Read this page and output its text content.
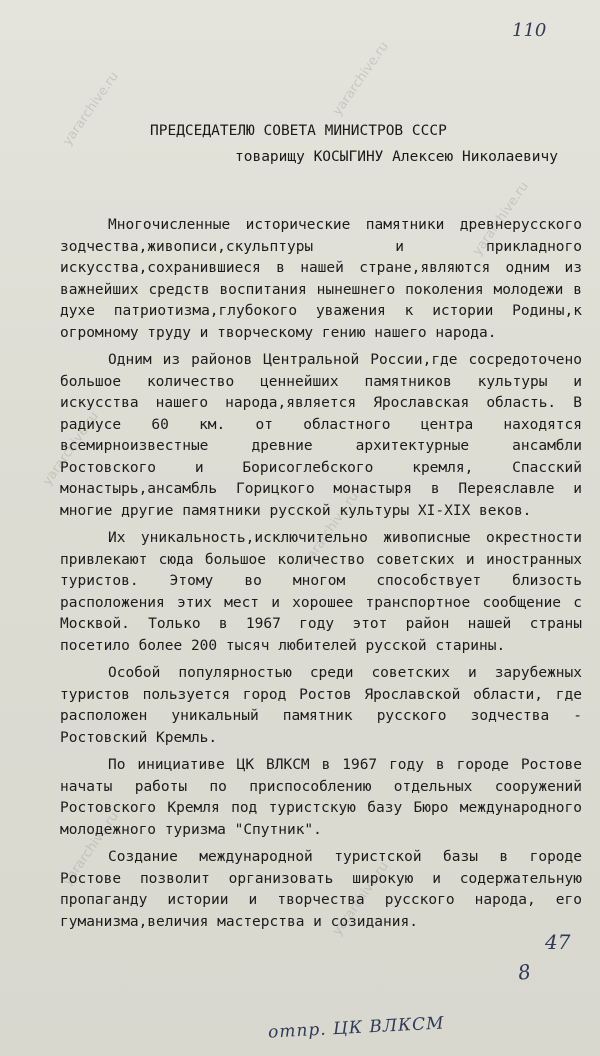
yararchive.ru	yararchive.ru
yararchive.ru
yararchive.ru
yararchive.ru
yararchive.ru
yararchive.ru
110
ПРЕДСЕДАТЕЛЮ СОВЕТА МИНИСТРОВ СССР
товарищу КОСЫГИНУ Алексею Николаевичу

Многочисленные исторические памятники древнерусского зодчества,живописи,скульптуры и прикладного искусства,сохранившиеся в нашей стране,являются одним из важнейших средств воспитания нынешнего поколения молодежи в духе патриотизма,глубокого уважения к истории Родины,к огромному труду и творческому гению нашего народа.

Одним из районов Центральной России,где сосредоточено большое количество ценнейших памятников культуры и искусства нашего народа,является Ярославская область. В радиусе 60 км. от областного центра находятся всемирноизвестные древние архитектурные ансамбли Ростовского и Борисоглебского кремля, Спасский монастырь,ансамбль Горицкого монастыря в Переяславле и многие другие памятники русской культуры XI-XIX веков.

Их уникальность,исключительно живописные окрестности привлекают сюда большое количество советских и иностранных туристов. Этому во многом способствует близость расположения этих мест и хорошее транспортное сообщение с Москвой. Только в 1967 году этот район нашей страны посетило более 200 тысяч любителей русской старины.

Особой популярностью среди советских и зарубежных туристов пользуется город Ростов Ярославской области, где расположен уникальный памятник русского зодчества - Ростовский Кремль.

По инициативе ЦК ВЛКСМ в 1967 году в городе Ростове начаты работы по приспособлению отдельных сооружений Ростовского Кремля под туристскую базу Бюро международного молодежного туризма "Спутник".

Создание международной туристской базы в городе Ростове позволит организовать широкую и содержательную пропаганду истории и творчества русского народа, его гуманизма,величия мастерства и созидания.

8
47
отпр. ЦК ВЛКСМ
